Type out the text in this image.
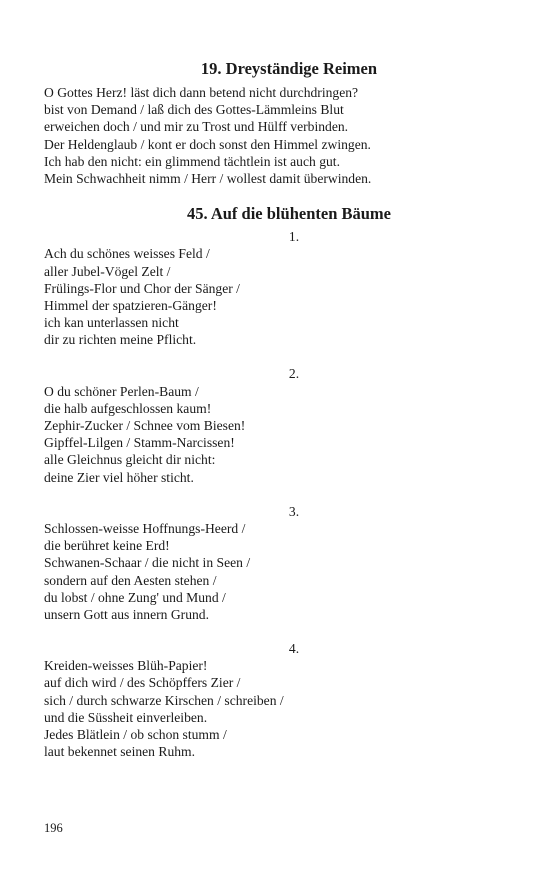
19. Dreyständige Reimen
O Gottes Herz! läst dich dann betend nicht durchdringen?
bist von Demand / laß dich des Gottes-Lämmleins Blut
erweichen doch / und mir zu Trost und Hülff verbinden.
Der Heldenglaub / kont er doch sonst den Himmel zwingen.
Ich hab den nicht: ein glimmend tächtlein ist auch gut.
Mein Schwachheit nimm / Herr / wollest damit überwinden.
45. Auf die blühenten Bäume
1.
Ach du schönes weisses Feld /
aller Jubel-Vögel Zelt /
Frülings-Flor und Chor der Sänger /
Himmel der spatzieren-Gänger!
ich kan unterlassen nicht
dir zu richten meine Pflicht.
2.
O du schöner Perlen-Baum /
die halb aufgeschlossen kaum!
Zephir-Zucker / Schnee vom Biesen!
Gipffel-Lilgen / Stamm-Narcissen!
alle Gleichnus gleicht dir nicht:
deine Zier viel höher sticht.
3.
Schlossen-weisse Hoffnungs-Heerd /
die berühret keine Erd!
Schwanen-Schaar / die nicht in Seen /
sondern auf den Aesten stehen /
du lobst / ohne Zung' und Mund /
unsern Gott aus innern Grund.
4.
Kreiden-weisses Blüh-Papier!
auf dich wird / des Schöpffers Zier /
sich / durch schwarze Kirschen / schreiben /
und die Süssheit einverleiben.
Jedes Blätlein / ob schon stumm /
laut bekennet seinen Ruhm.
196
